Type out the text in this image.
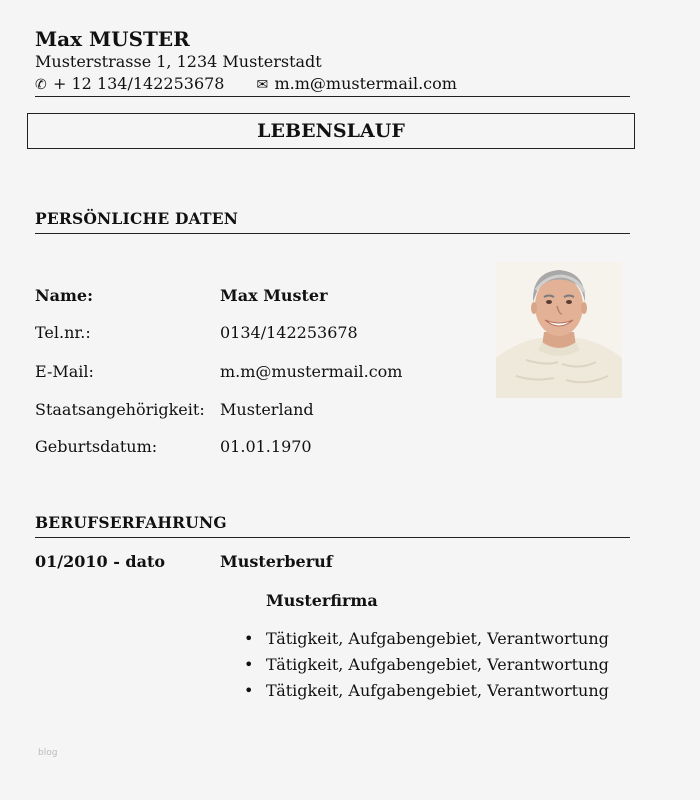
Max MUSTER
Musterstrasse 1, 1234 Musterstadt
✆ + 12 134/142253678 ✉ m.m@mustermail.com
LEBENSLAUF
PERSÖNLICHE DATEN
Name:	Max Muster
Tel.nr.:	0134/142253678
E-Mail:	m.m@mustermail.com
Staatsangehörigkeit: Musterland
Geburtsdatum:	01.01.1970
BERUFSERFAHRUNG
01/2010 - dato	Musterberuf
Musterfirma
• Tätigkeit, Aufgabengebiet, Verantwortung
• Tätigkeit, Aufgabengebiet, Verantwortung
• Tätigkeit, Aufgabengebiet, Verantwortung
blog
